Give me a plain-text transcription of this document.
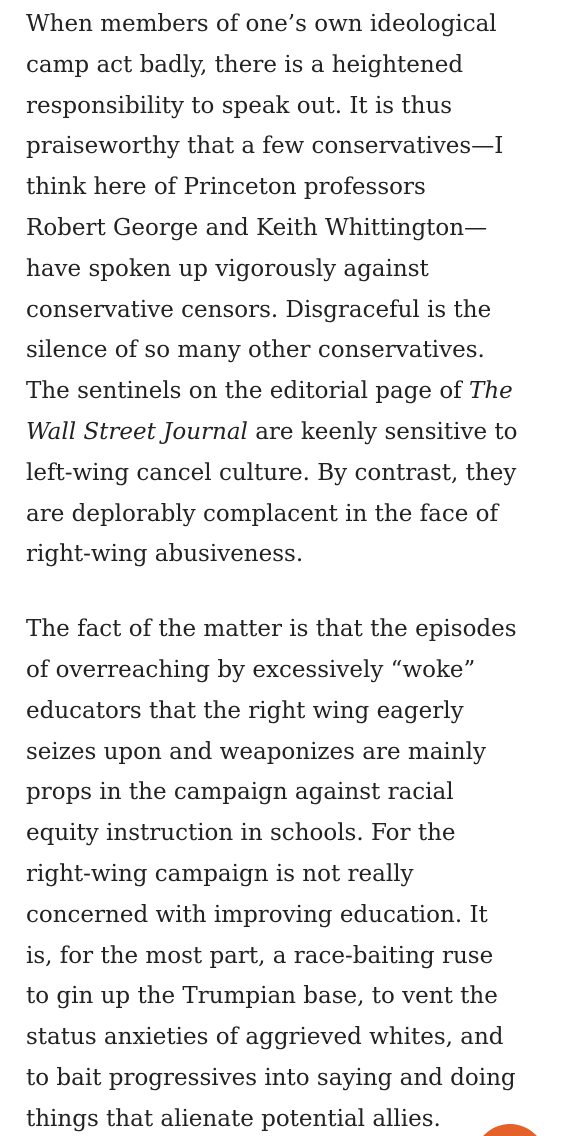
When members of one’s own ideological
camp act badly, there is a heightened
responsibility to speak out. It is thus
praiseworthy that a few conservatives—I
think here of Princeton professors
Robert George and Keith Whittington—
have spoken up vigorously against
conservative censors. Disgraceful is the
silence of so many other conservatives.
The sentinels on the editorial page of The
Wall Street Journal are keenly sensitive to
left-wing cancel culture. By contrast, they
are deplorably complacent in the face of
right-wing abusiveness.

The fact of the matter is that the episodes
of overreaching by excessively “woke”
educators that the right wing eagerly
seizes upon and weaponizes are mainly
props in the campaign against racial
equity instruction in schools. For the
right-wing campaign is not really
concerned with improving education. It
is, for the most part, a race-baiting ruse
to gin up the Trumpian base, to vent the
status anxieties of aggrieved whites, and
to bait progressives into saying and doing
things that alienate potential allies.
